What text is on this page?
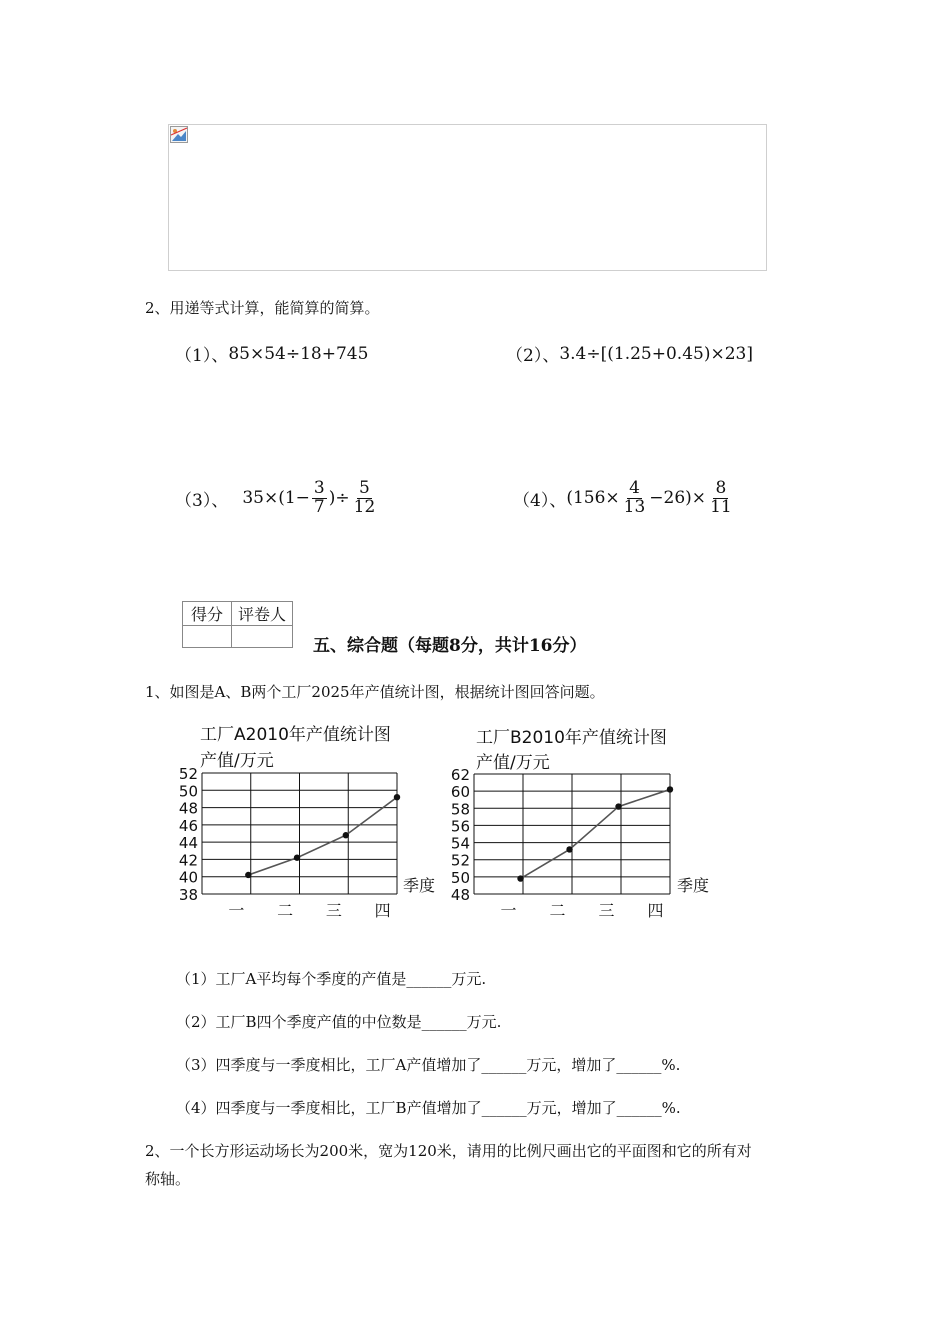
2、用递等式计算，能简算的简算。
（1）、 85×54÷18+745	（2）、 3.4÷[(1.25+0.45)×23]
（3）、 $35\times(1- \frac{3}{7}$ )÷ $\frac{5}{12}$	（4）、 $(156\times \frac{4}{13} -26)\times \frac{8}{11}$
得分	评卷人

五、综合题（每题8分，共计16分）
1、如图是A、B两个工厂2025年产值统计图，根据统计图回答问题。
工厂A2010年产值统计图
产值/万元
季度
52
50
48
46
44
42
40
38
一 二 三 四
工厂B2010年产值统计图
产值/万元
季度
62
60
58
56
54
52
50
48
一 二 三 四
（1）工厂A平均每个季度的产值是______万元.
（2）工厂B四个季度产值的中位数是______万元.
（3）四季度与一季度相比，工厂A产值增加了______万元，增加了______%.
（4）四季度与一季度相比，工厂B产值增加了______万元，增加了______%.
2、一个长方形运动场长为200米，宽为120米，请用的比例尺画出它的平面图和它的所有对
称轴。
